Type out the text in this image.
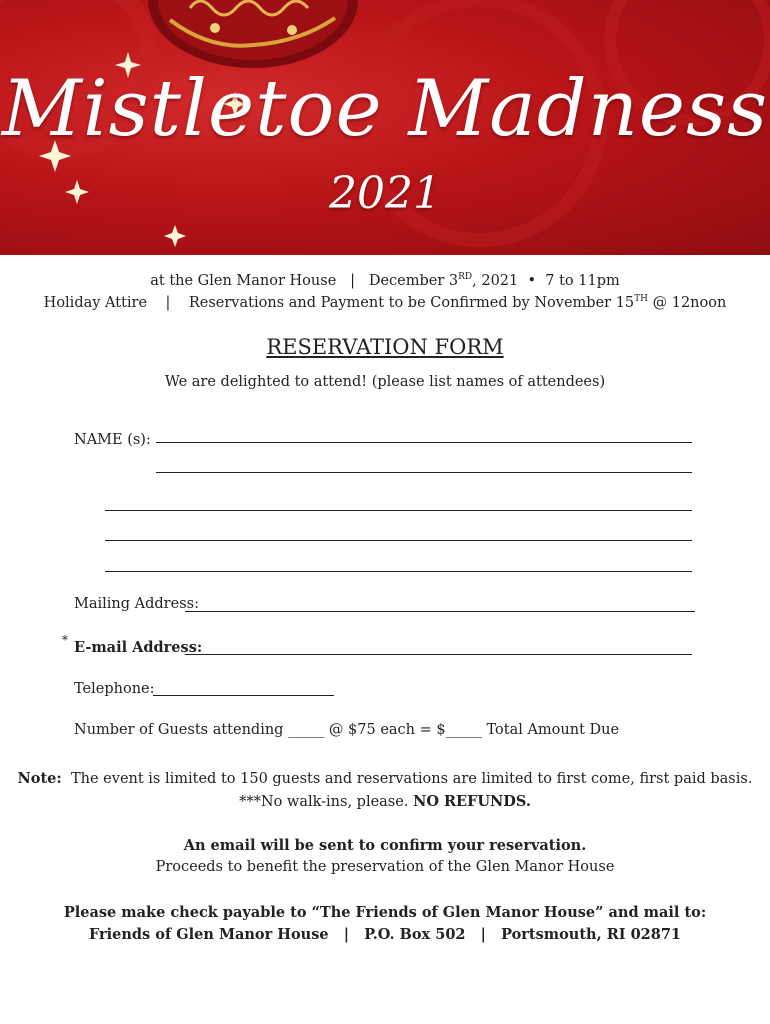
Mistletoe Madness
2021
at the Glen Manor House | December 3RD, 2021 • 7 to 11pm
Holiday Attire | Reservations and Payment to be Confirmed by November 15TH @ 12noon
RESERVATION FORM
We are delighted to attend! (please list names of attendees)
NAME (s):
Mailing Address:
* E-mail Address:
Telephone:
Number of Guests attending _____ @ $75 each = $_____ Total Amount Due
Note: The event is limited to 150 guests and reservations are limited to first come, first paid basis.
***No walk-ins, please. NO REFUNDS.
An email will be sent to confirm your reservation.
Proceeds to benefit the preservation of the Glen Manor House
Please make check payable to “The Friends of Glen Manor House” and mail to:
Friends of Glen Manor House | P.O. Box 502 | Portsmouth, RI 02871
